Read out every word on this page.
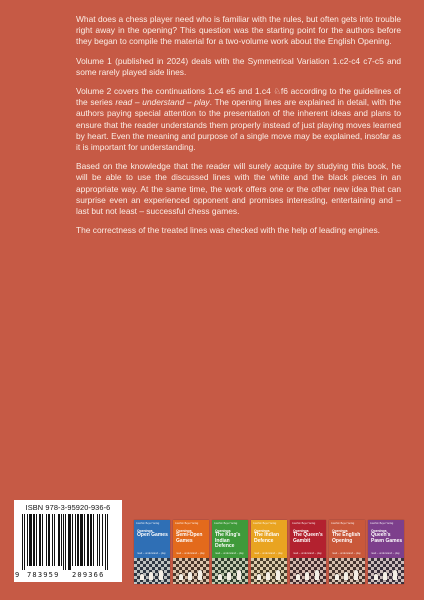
What does a chess player need who is familiar with the rules, but often gets into trouble right away in the opening? This question was the starting point for the authors before they began to compile the material for a two-volume work about the English Opening.

Volume 1 (published in 2024) deals with the Symmetrical Variation 1.c2-c4 c7-c5 and some rarely played side lines.

Volume 2 covers the continuations 1.c4 e5 and 1.c4 ♘f6 according to the guidelines of the series read – understand – play. The opening lines are explained in detail, with the authors paying special attention to the presentation of the inherent ideas and plans to ensure that the reader understands them properly instead of just playing moves learned by heart. Even the meaning and purpose of a single move may be explained, insofar as it is important for understanding.

Based on the knowledge that the reader will surely acquire by studying this book, he will be able to use the discussed lines with the white and the black pieces in an appropriate way. At the same time, the work offers one or the other new idea that can surprise even an experienced opponent and promises interesting, entertaining and – last but not least – successful chess games.

The correctness of the treated lines was checked with the help of leading engines.

ISBN 978-3-95920-936-6
9 783959 209366
Joachim Beyer Verlag
Openings
Open Games
read – understand – play
Joachim Beyer Verlag
Openings
Semi-Open Games
read – understand – play
Joachim Beyer Verlag
Openings
The King's Indian Defence
read – understand – play
Joachim Beyer Verlag
Openings
The Indian Defence
read – understand – play
Joachim Beyer Verlag
Openings
The Queen's Gambit
read – understand – play
Joachim Beyer Verlag
Openings
The English Opening
read – understand – play
Joachim Beyer Verlag
Openings
Queen's Pawn Games
read – understand – play
